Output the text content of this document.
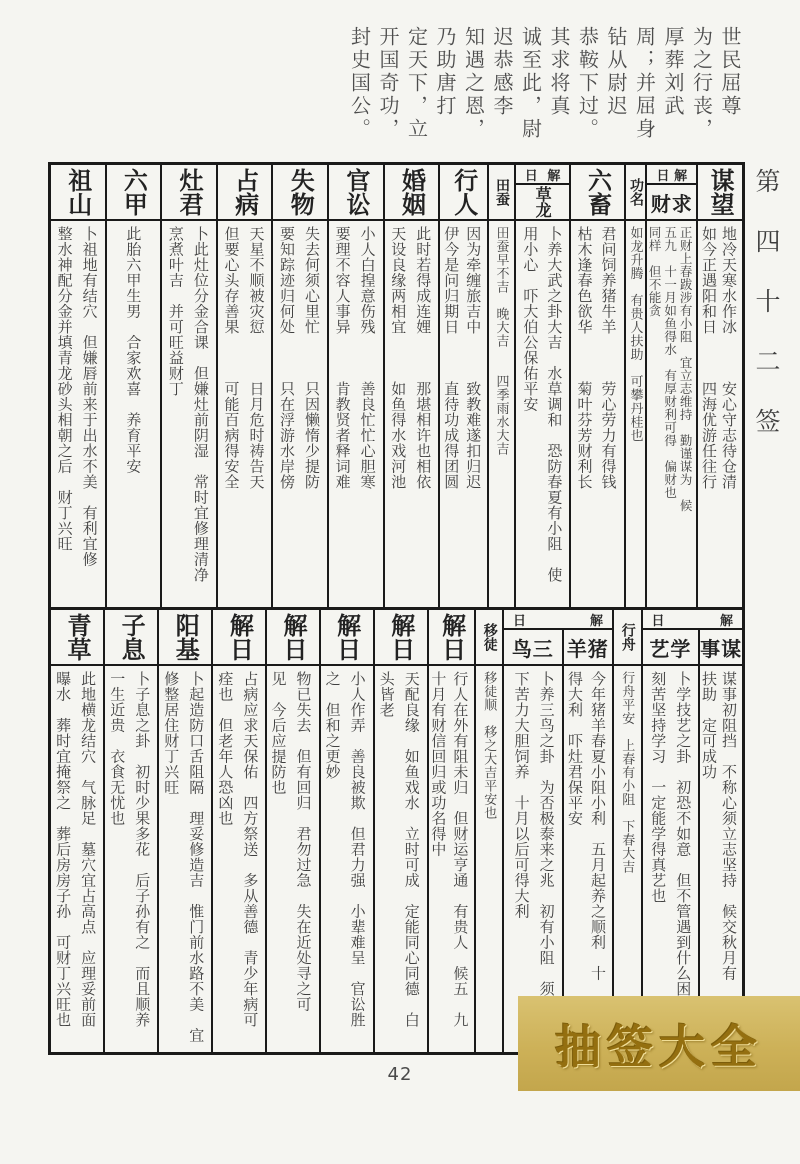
世民屈尊
为之行丧，
厚葬刘武
周；并屈身
钻从尉迟
恭鞍下过。
其求将真
诚至此，尉
迟恭感李
知遇之恩，
乃助唐打
定天下，立
开国奇功，
封史国公。
第四十二签
祖山
卜祖地有结穴　但嫌唇前来于出水不美　有利宜修
整水神配分金并填青龙砂头相朝之后　财丁兴旺
六甲
此胎六甲生男　合家欢喜　养育平安
灶君
卜此灶位分金合课　但嫌灶前阴湿　常时宜修理清净
烹煮叶吉　并可旺益财丁
占病
天星不顺被灾愆　　　日月危时祷告天
但要心头存善果　　　可能百病得安全
失物
失去何须心里忙　　　只因懒惰少提防
要知踪迹归何处　　　只在浮游水岸傍
官讼
小人白揘意伤残　　　善良忙忙心胆寒
要理不容人事异　　　肯教贤者释词难
婚姻
此时若得成连娌　　　那堪相许也相依
天设良缘两相宜　　　如鱼得水戏河池
行人
因为牵缠旅吉中　　　致教难遂扣归迟
伊今是问归期日　　　直待功成得团圆
田蚕
田蚕早不吉　晚大吉　　四季雨水大吉
日 解
草龙
卜养大武之卦大吉　水草调和　恐防春夏有小阻　使
用小心　吓大伯公保佑平安
六畜
君问饲养猪牛羊　　　劳心劳力有得钱
枯木逢春色欲华　　　菊叶芬芳财利长
功名
如龙升腾　有贵人扶助　可攀丹桂也
日 解
财求
正财上春跋涉有小阻　宜立志维持　勤谨谋为　候
五九　十一月如鱼得水　有厚财利可得　偏财也
同样　但不能贪
谋望
地冷天寒水作冰　　　安心守志待仓清
如今正遇阳和日　　　四海优游任往行
青草
此地横龙结穴　气脉足　墓穴宜占高点　应理妥前面
曝水　葬时宜掩祭之　葬后房房子孙　可财丁兴旺也
子息
卜子息之卦　初时少果多花　后子孙有之　而且顺养
一生近贵　衣食无忧也
阳基
卜起造防口舌阻隔　理妥修造吉　惟门前水路不美　宜
修整居住财丁兴旺
解日
占病应求天保佑　四方祭送　多从善德　青少年病可
痊也　但老年人恐凶也
解日
物已失去　但有回归　君勿过急　失在近处寻之可
见　今后应提防也
解日
小人作弄　善良被欺　但君力强　小辈难呈　官讼胜
之　但和之更妙
解日
天配良缘　如鱼戏水　立时可成　定能同心同德　白
头皆老
解日
行人在外有阻未归　但财运亨通　有贵人　候五　九
十月有财信回归或功名得中
移徒
移徒顺　移之大吉平安也
日	解
鸟三
卜养三鸟之卦　为否极泰来之兆　初有小阻　须
下苦力大胆饲养　十月以后可得大利
羊猪
今年猪羊春夏小阻小利　五月起养之顺利　十
得大利　吓灶君保平安
行舟
行舟平安　上春有小阻　下春大吉
日	解
艺学
卜学技艺之卦　初恐不如意　但不管遇到什么困
刻苦坚持学习　一定能学得真艺也
事谋
谋事初阻挡　不称心须立志坚持　候交秋月有
扶助　定可成功
42
抽签大全
